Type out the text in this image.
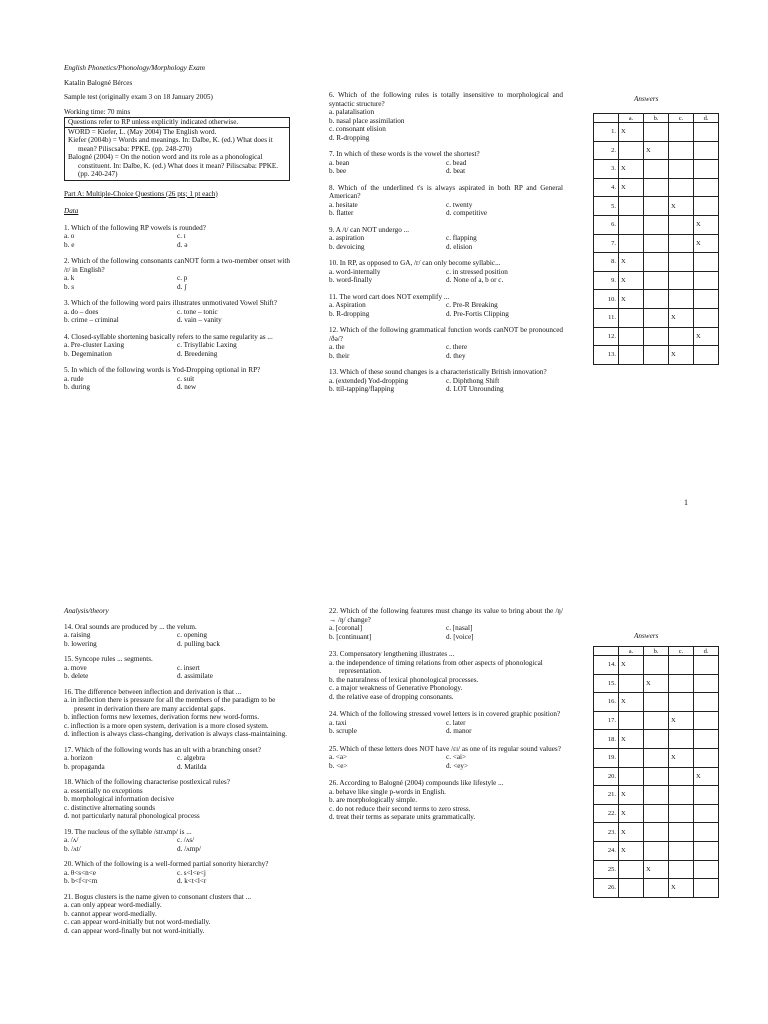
English Phonetics/Phonology/Morphology Exam

Katalin Balogné Bérces

Sample test (originally exam 3 on 18 January 2005)

Working time: 70 mins

Questions refer to RP unless explicitly indicated otherwise.

WORD = Kiefer, L. (May 2004) The English word.

Kiefer (2004b) = Words and meanings. In: Dalbe, K. (ed.) What does it mean? Piliscsaba: PPKE. (pp. 248-270)

Balogné (2004) = On the notion word and its role as a phonological constituent. In: Dalbe, K. (ed.) What does it mean? Piliscsaba: PPKE. (pp. 240-247)

Part A: Multiple-Choice Questions (26 pts; 1 pt each)

Data

1. Which of the following RP vowels is rounded?

a. o	c. ɪ
b. e	d. ə

2. Which of the following consonants canNOT form a two-member onset with /r/ in English?

a. k	c. p
b. s	d. ʃ

3. Which of the following word pairs illustrates unmotivated Vowel Shift?

a. do – does	c. tone – tonic
b. crime – criminal	d. vain – vanity

4. Closed-syllable shortening basically refers to the same regularity as ...

a. Pre-cluster Laxing	c. Trisyllabic Laxing
b. Degemination	d. Breedening

5. In which of the following words is Yod-Dropping optional in RP?

a. rude	c. suit
b. during	d. new

6. Which of the following rules is totally insensitive to morphological and syntactic structure?

a. palatalisation

b. nasal place assimilation

c. consonant elision

d. R-dropping

7. In which of these words is the vowel the shortest?

a. bean	c. bead
b. bee	d. beat

8. Which of the underlined t's is always aspirated in both RP and General American?

a. hesitate	c. twenty
b. flatter	d. competitive

9. A /t/ can NOT undergo ...

a. aspiration	c. flapping
b. devoicing	d. elision

10. In RP, as opposed to GA, /r/ can only become syllabic...

a. word-internally	c. in stressed position
b. word-finally	d. None of a, b or c.

11. The word cart does NOT exemplify ...

a. Aspiration	c. Pre-R Breaking
b. R-dropping	d. Pre-Fortis Clipping

12. Which of the following grammatical function words canNOT be pronounced /ðə/?

a. the	c. there
b. their	d. they

13. Which of these sound changes is a characteristically British innovation?

a. (extended) Yod-dropping	c. Diphthong Shift
b. ttil-tapping/flapping	d. LOT Unrounding
Answers
	a.	b.	c.	d.
1.	X			
2.		X		
3.	X			
4.	X			
5.			X	
6.				X
7.				X
8.	X			
9.	X			
10.	X			
11.			X	
12.				X
13.			X	
1

Analysis/theory

14. Oral sounds are produced by ... the velum.

a. raising	c. opening
b. lowering	d. pulling back

15. Syncope rules ... segments.

a. move	c. insert
b. delete	d. assimilate

16. The difference between inflection and derivation is that ...

a. in inflection there is pressure for all the members of the paradigm to be present in derivation there are many accidental gaps.

b. inflection forms new lexemes, derivation forms new word-forms.

c. inflection is a more open system, derivation is a more closed system.

d. inflection is always class-changing, derivation is always class-maintaining.

17. Which of the following words has an ult with a branching onset?

a. horizon	c. algebra
b. propaganda	d. Matilda

18. Which of the following characterise postlexical rules?

a. essentially no exceptions

b. morphological information decisive

c. distinctive alternating sounds

d. not particularly natural phonological process

19. The nucleus of the syllable /strʌmp/ is ...

a. /ʌ/	c. /ʌs/
b. /ʌt/	d. /ʌmp/

20. Which of the following is a well-formed partial sonority hierarchy?

a. θ<s<n<e	c. s<l<e<j
b. b<f<r<m	d. k<t<l<r

21. Bogus clusters is the name given to consonant clusters that ...

a. can only appear word-medially.

b. cannot appear word-medially.

c. can appear word-initially but not word-medially.

d. can appear word-finally but not word-initially.

22. Which of the following features must change its value to bring about the /ŋ/ → /ŋ/ change?

a. [coronal]	c. [nasal]
b. [continuant]	d. [voice]

23. Compensatory lengthening illustrates ...

a. the independence of timing relations from other aspects of phonological representation.

b. the naturalness of lexical phonological processes.

c. a major weakness of Generative Phonology.

d. the relative ease of dropping consonants.

24. Which of the following stressed vowel letters is in covered graphic position?

a. taxi	c. later
b. scruple	d. manor

25. Which of these letters does NOT have /ɛɪ/ as one of its regular sound values?

a. <a>	c. <ai>
b. <e>	d. <ey>

26. According to Balogné (2004) compounds like lifestyle ...

a. behave like single p-words in English.

b. are morphologically simple.

c. do not reduce their second terms to zero stress.

d. treat their terms as separate units grammatically.

Answers
	a.	b.	c.	d.
14.	X			
15.		X		
16.	X			
17.			X	
18.	X			
19.			X	
20.				X
21.	X			
22.	X			
23.	X			
24.	X			
25.		X		
26.			X	
